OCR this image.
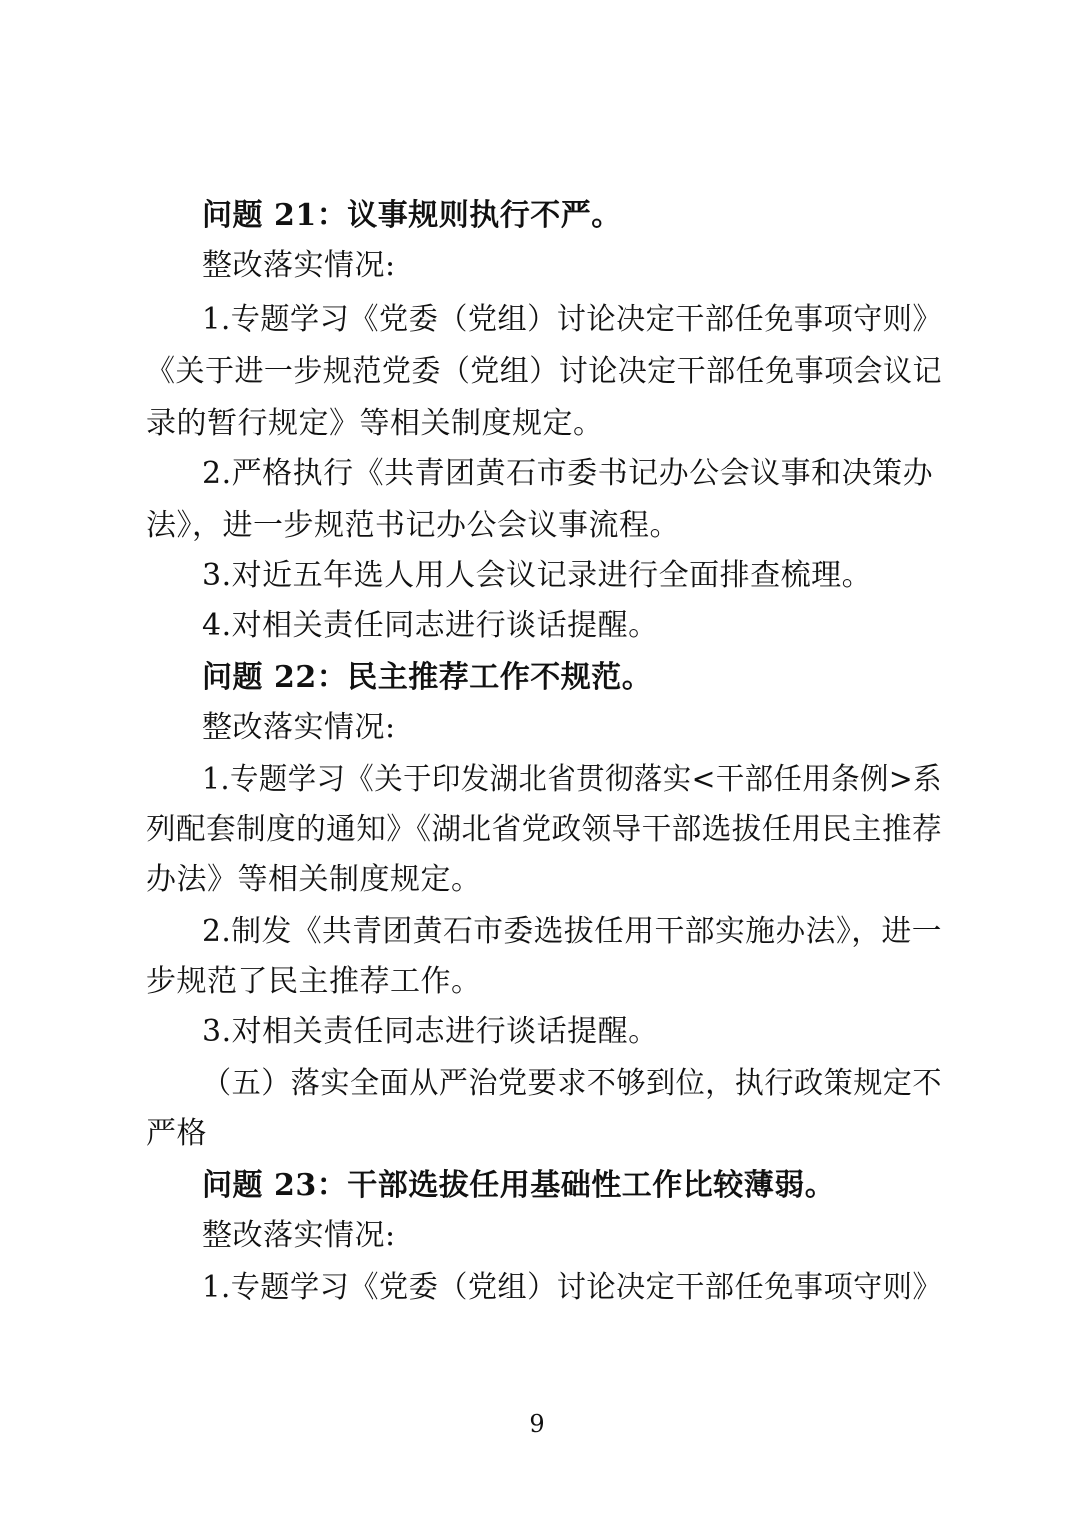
问题 21：议事规则执行不严。
整改落实情况:
1.专题学习《党委（党组）讨论决定干部任免事项守则》
《关于进一步规范党委（党组）讨论决定干部任免事项会议记
录的暂行规定》等相关制度规定。
2.严格执行《共青团黄石市委书记办公会议事和决策办
法》，进一步规范书记办公会议事流程。
3.对近五年选人用人会议记录进行全面排查梳理。
4.对相关责任同志进行谈话提醒。
问题 22：民主推荐工作不规范。
整改落实情况:
1.专题学习《关于印发湖北省贯彻落实<干部任用条例>系
列配套制度的通知》《湖北省党政领导干部选拔任用民主推荐
办法》等相关制度规定。
2.制发《共青团黄石市委选拔任用干部实施办法》，进一
步规范了民主推荐工作。
3.对相关责任同志进行谈话提醒。
（五）落实全面从严治党要求不够到位，执行政策规定不
严格
问题 23：干部选拔任用基础性工作比较薄弱。
整改落实情况:
1.专题学习《党委（党组）讨论决定干部任免事项守则》
9
